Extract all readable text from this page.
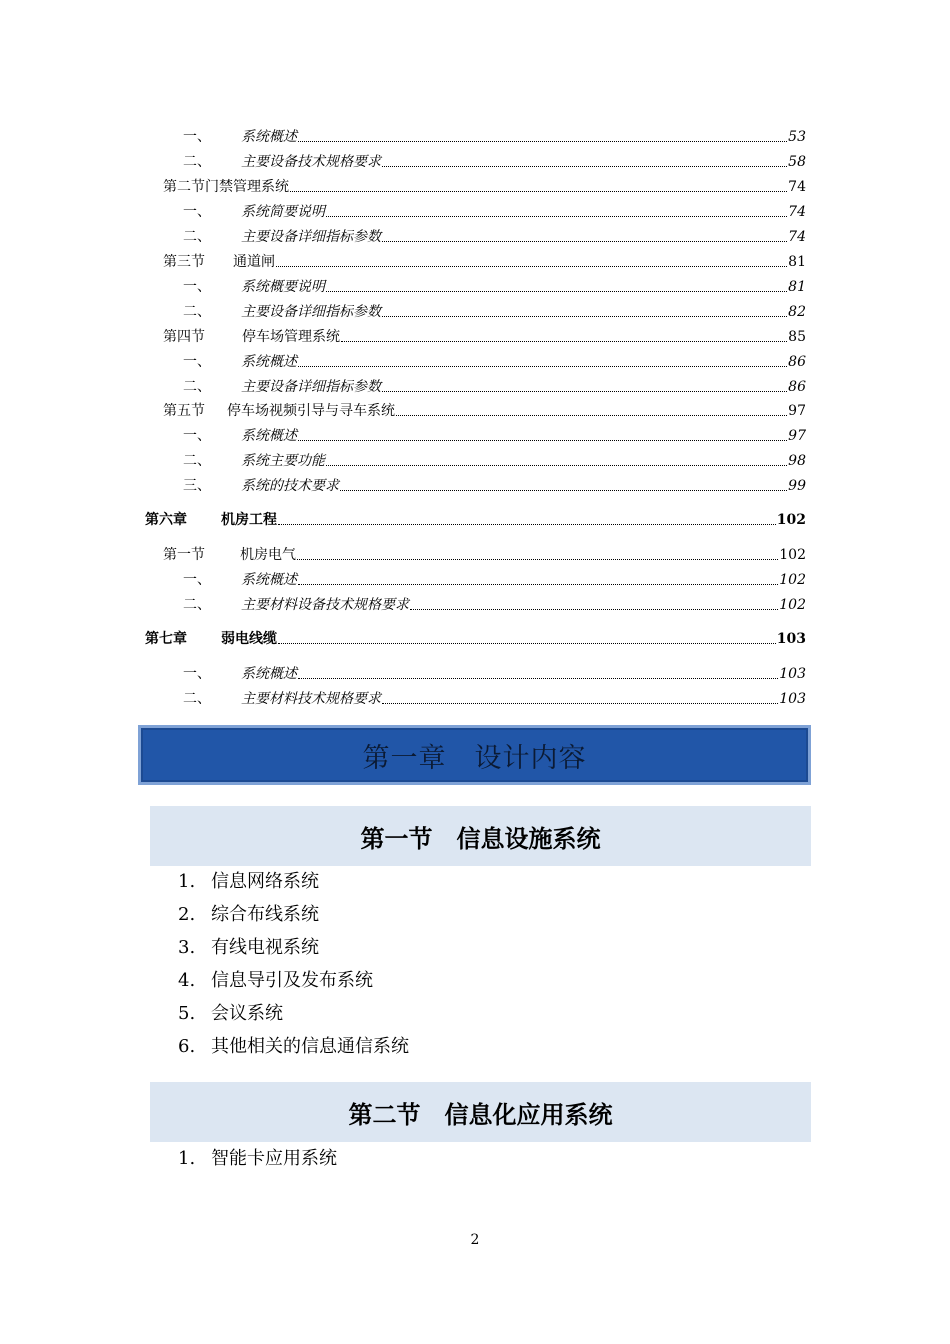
一、 系统概述	53
二、 主要设备技术规格要求	58
第二节门禁管理系统	74
一、 系统简要说明	74
二、 主要设备详细指标参数	74
第三节 通道闸	81
一、 系统概要说明	81
二、 主要设备详细指标参数	82
第四节	停车场管理系统	85
一、 系统概述	86
二、 主要设备详细指标参数	86
第五节 停车场视频引导与寻车系统	97
一、 系统概述	97
二、 系统主要功能	98
三、 系统的技术要求	99
第六章 机房工程	102
第一节	机房电气	102
一、 系统概述	102
二、 主要材料设备技术规格要求	102
第七章 弱电线缆	103
一、 系统概述	103
二、 主要材料技术规格要求	103
第一章　设计内容
第一节　信息设施系统
1. 信息网络系统
2. 综合布线系统
3. 有线电视系统
4. 信息导引及发布系统
5. 会议系统
6. 其他相关的信息通信系统
第二节　信息化应用系统
1. 智能卡应用系统
2
